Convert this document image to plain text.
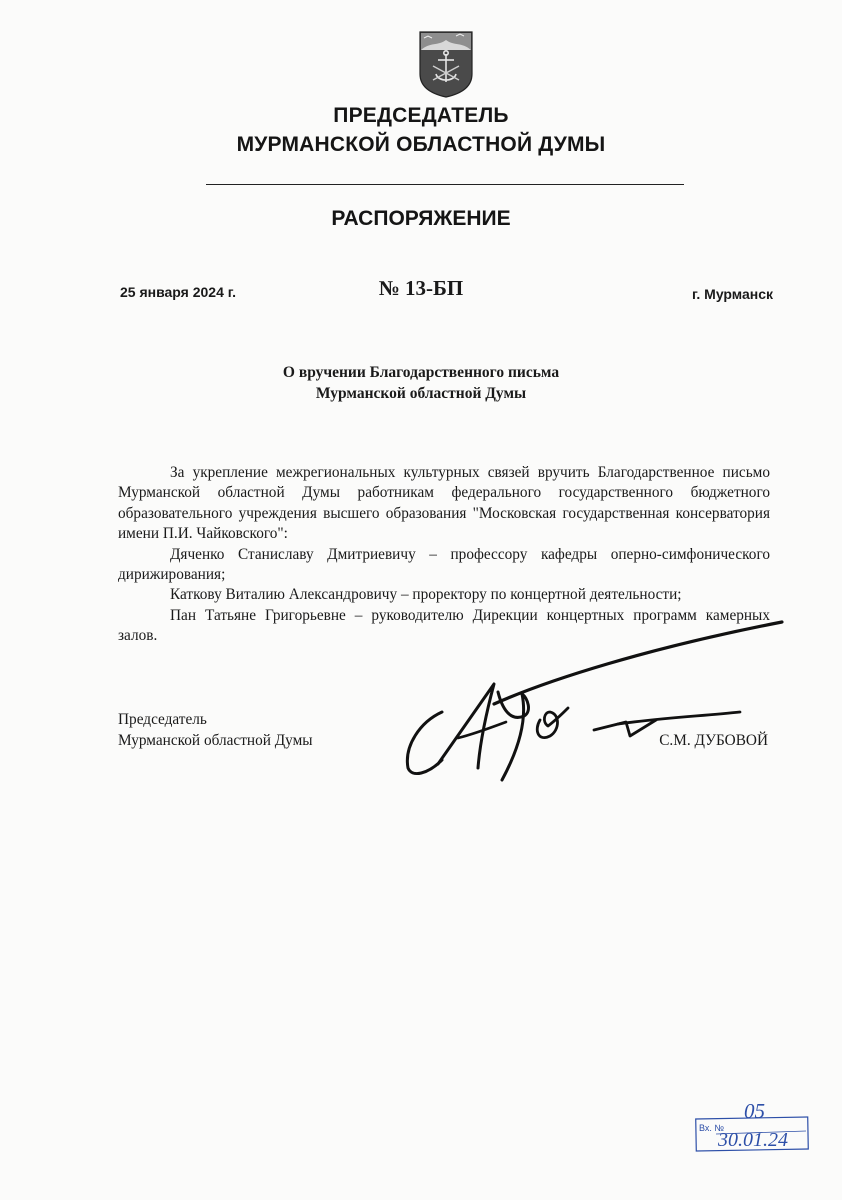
ПРЕДСЕДАТЕЛЬ
МУРМАНСКОЙ ОБЛАСТНОЙ ДУМЫ
РАСПОРЯЖЕНИЕ
25 января 2024 г.	№ 13-БП	г. Мурманск
О вручении Благодарственного письма
Мурманской областной Думы

За укрепление межрегиональных культурных связей вручить Благодарственное письмо Мурманской областной Думы работникам федерального государственного бюджетного образовательного учреждения высшего образования "Московская государственная консерватория имени П.И. Чайковского":

Дяченко Станиславу Дмитриевичу – профессору кафедры оперно-симфонического дирижирования;

Каткову Виталию Александровичу – проректору по концертной деятельности;

Пан Татьяне Григорьевне – руководителю Дирекции концертных программ камерных залов.

Председатель
Мурманской областной Думы	С.М. ДУБОВОЙ
Вх. №
05
30.01.24
